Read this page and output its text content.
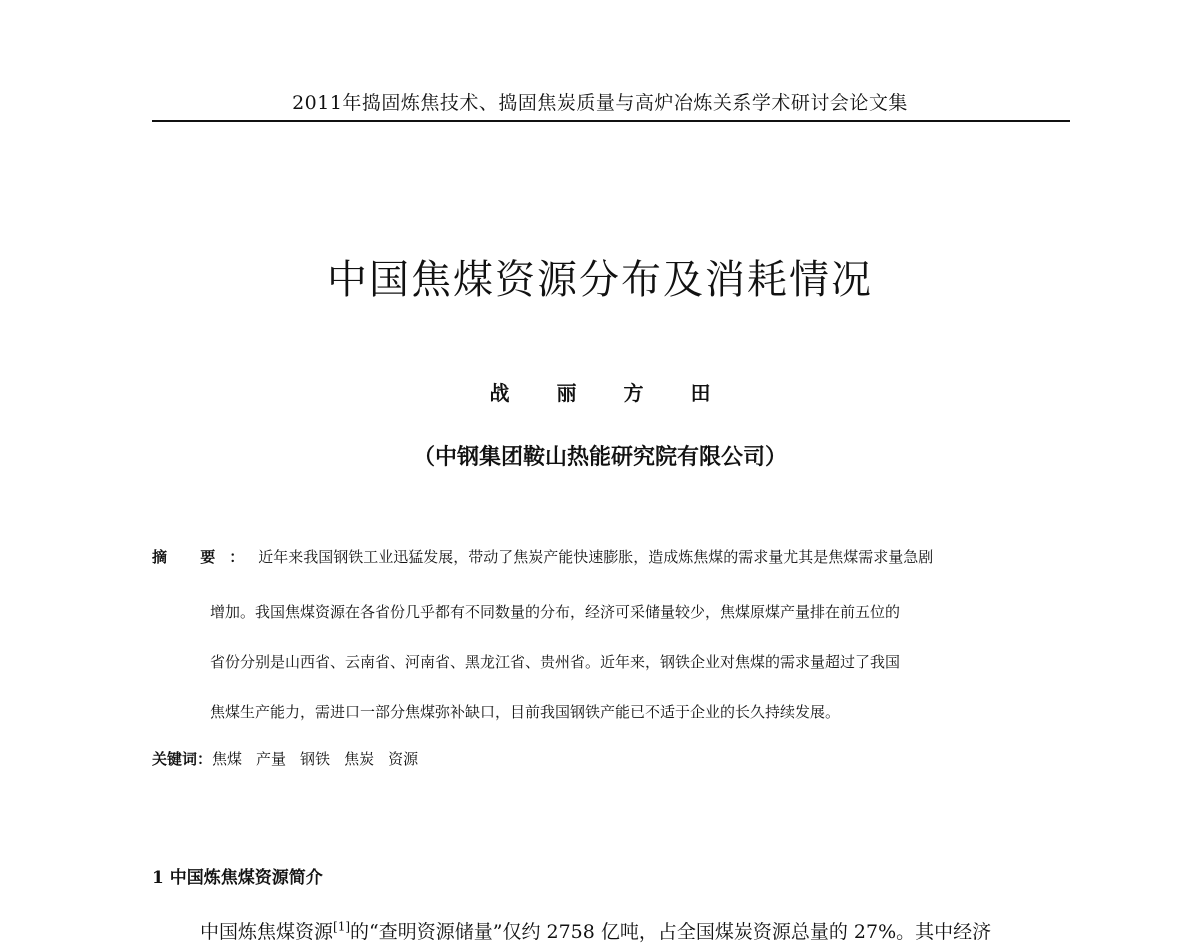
2011年捣固炼焦技术、捣固焦炭质量与高炉冶炼关系学术研讨会论文集
中国焦煤资源分布及消耗情况
战 丽 方 田
（中钢集团鞍山热能研究院有限公司）
摘 要：近年来我国钢铁工业迅猛发展，带动了焦炭产能快速膨胀，造成炼焦煤的需求量尤其是焦煤需求量急剧
增加。我国焦煤资源在各省份几乎都有不同数量的分布，经济可采储量较少，焦煤原煤产量排在前五位的
省份分别是山西省、云南省、河南省、黑龙江省、贵州省。近年来，钢铁企业对焦煤的需求量超过了我国
焦煤生产能力，需进口一部分焦煤弥补缺口，目前我国钢铁产能已不适于企业的长久持续发展。
关键词：焦煤 产量 钢铁 焦炭 资源
1 中国炼焦煤资源简介
中国炼焦煤资源[1]的“查明资源储量”仅约 2758 亿吨，占全国煤炭资源总量的 27%。其中经济
